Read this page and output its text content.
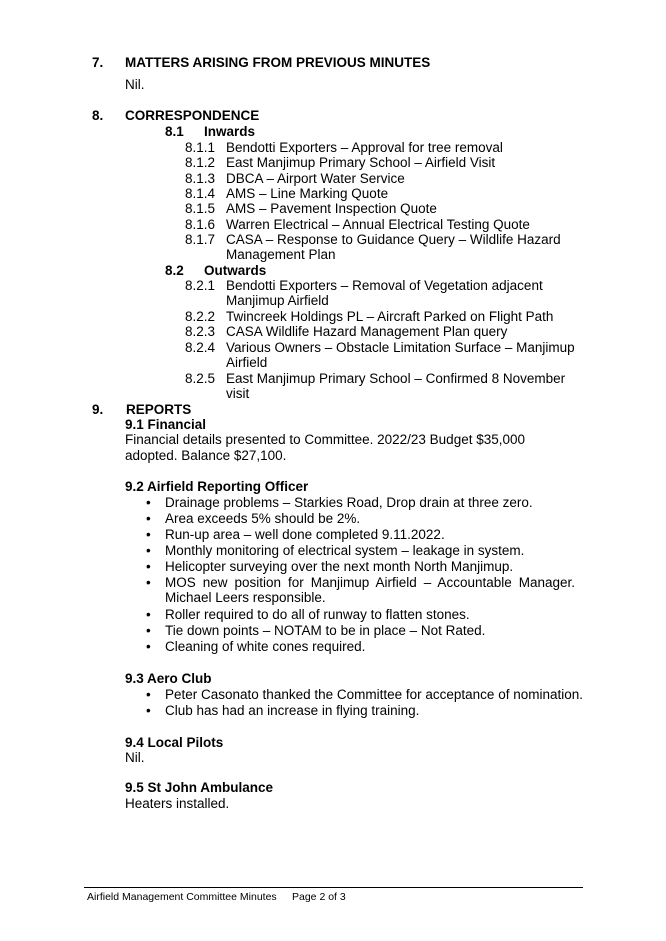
7. MATTERS ARISING FROM PREVIOUS MINUTES
Nil.
8. CORRESPONDENCE
8.1 Inwards
8.1.1 Bendotti Exporters – Approval for tree removal
8.1.2 East Manjimup Primary School – Airfield Visit
8.1.3 DBCA – Airport Water Service
8.1.4 AMS – Line Marking Quote
8.1.5 AMS – Pavement Inspection Quote
8.1.6 Warren Electrical – Annual Electrical Testing Quote
8.1.7 CASA – Response to Guidance Query – Wildlife Hazard
Management Plan
8.2 Outwards
8.2.1 Bendotti Exporters – Removal of Vegetation adjacent
Manjimup Airfield
8.2.2 Twincreek Holdings PL – Aircraft Parked on Flight Path
8.2.3 CASA Wildlife Hazard Management Plan query
8.2.4 Various Owners – Obstacle Limitation Surface – Manjimup
Airfield
8.2.5 East Manjimup Primary School – Confirmed 8 November
visit
9. REPORTS
9.1 Financial
Financial details presented to Committee. 2022/23 Budget $35,000
adopted. Balance $27,100.
9.2 Airfield Reporting Officer
• Drainage problems – Starkies Road, Drop drain at three zero.
• Area exceeds 5% should be 2%.
• Run-up area – well done completed 9.11.2022.
• Monthly monitoring of electrical system – leakage in system.
• Helicopter surveying over the next month North Manjimup.
• MOS new position for Manjimup Airfield – Accountable Manager.
Michael Leers responsible.
• Roller required to do all of runway to flatten stones.
• Tie down points – NOTAM to be in place – Not Rated.
• Cleaning of white cones required.
9.3 Aero Club
• Peter Casonato thanked the Committee for acceptance of nomination.
• Club has had an increase in flying training.
9.4 Local Pilots
Nil.
9.5 St John Ambulance
Heaters installed.
Airfield Management Committee Minutes Page 2 of 3
